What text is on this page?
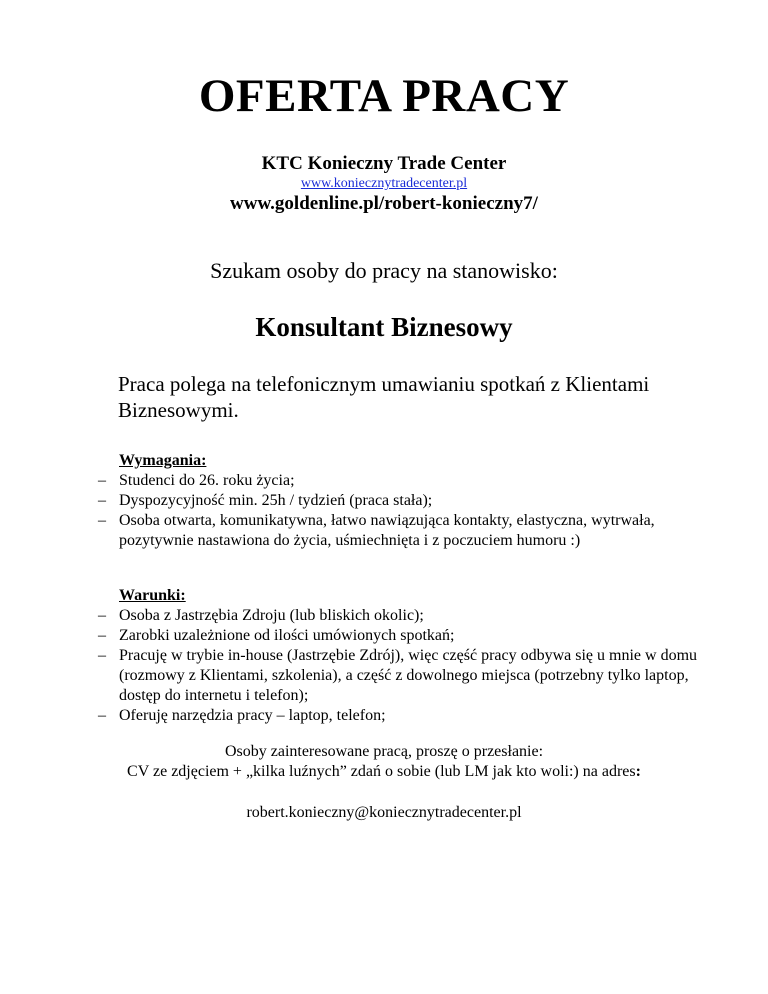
OFERTA PRACY
KTC Konieczny Trade Center
www.koniecznytradecenter.pl
www.goldenline.pl/robert-konieczny7/
Szukam osoby do pracy na stanowisko:
Konsultant Biznesowy
Praca polega na telefonicznym umawianiu spotkań z Klientami Biznesowymi.
Wymagania:
– Studenci do 26. roku życia;
– Dyspozycyjność min. 25h / tydzień (praca stała);
– Osoba otwarta, komunikatywna, łatwo nawiązująca kontakty, elastyczna, wytrwała, pozytywnie nastawiona do życia, uśmiechnięta i z poczuciem humoru :)
Warunki:
– Osoba z Jastrzębia Zdroju (lub bliskich okolic);
– Zarobki uzależnione od ilości umówionych spotkań;
– Pracuję w trybie in-house (Jastrzębie Zdrój), więc część pracy odbywa się u mnie w domu (rozmowy z Klientami, szkolenia), a część z dowolnego miejsca (potrzebny tylko laptop, dostęp do internetu i telefon);
– Oferuję narzędzia pracy – laptop, telefon;
Osoby zainteresowane pracą, proszę o przesłanie:
CV ze zdjęciem + „kilka luźnych” zdań o sobie (lub LM jak kto woli:) na adres:
robert.konieczny@koniecznytradecenter.pl
